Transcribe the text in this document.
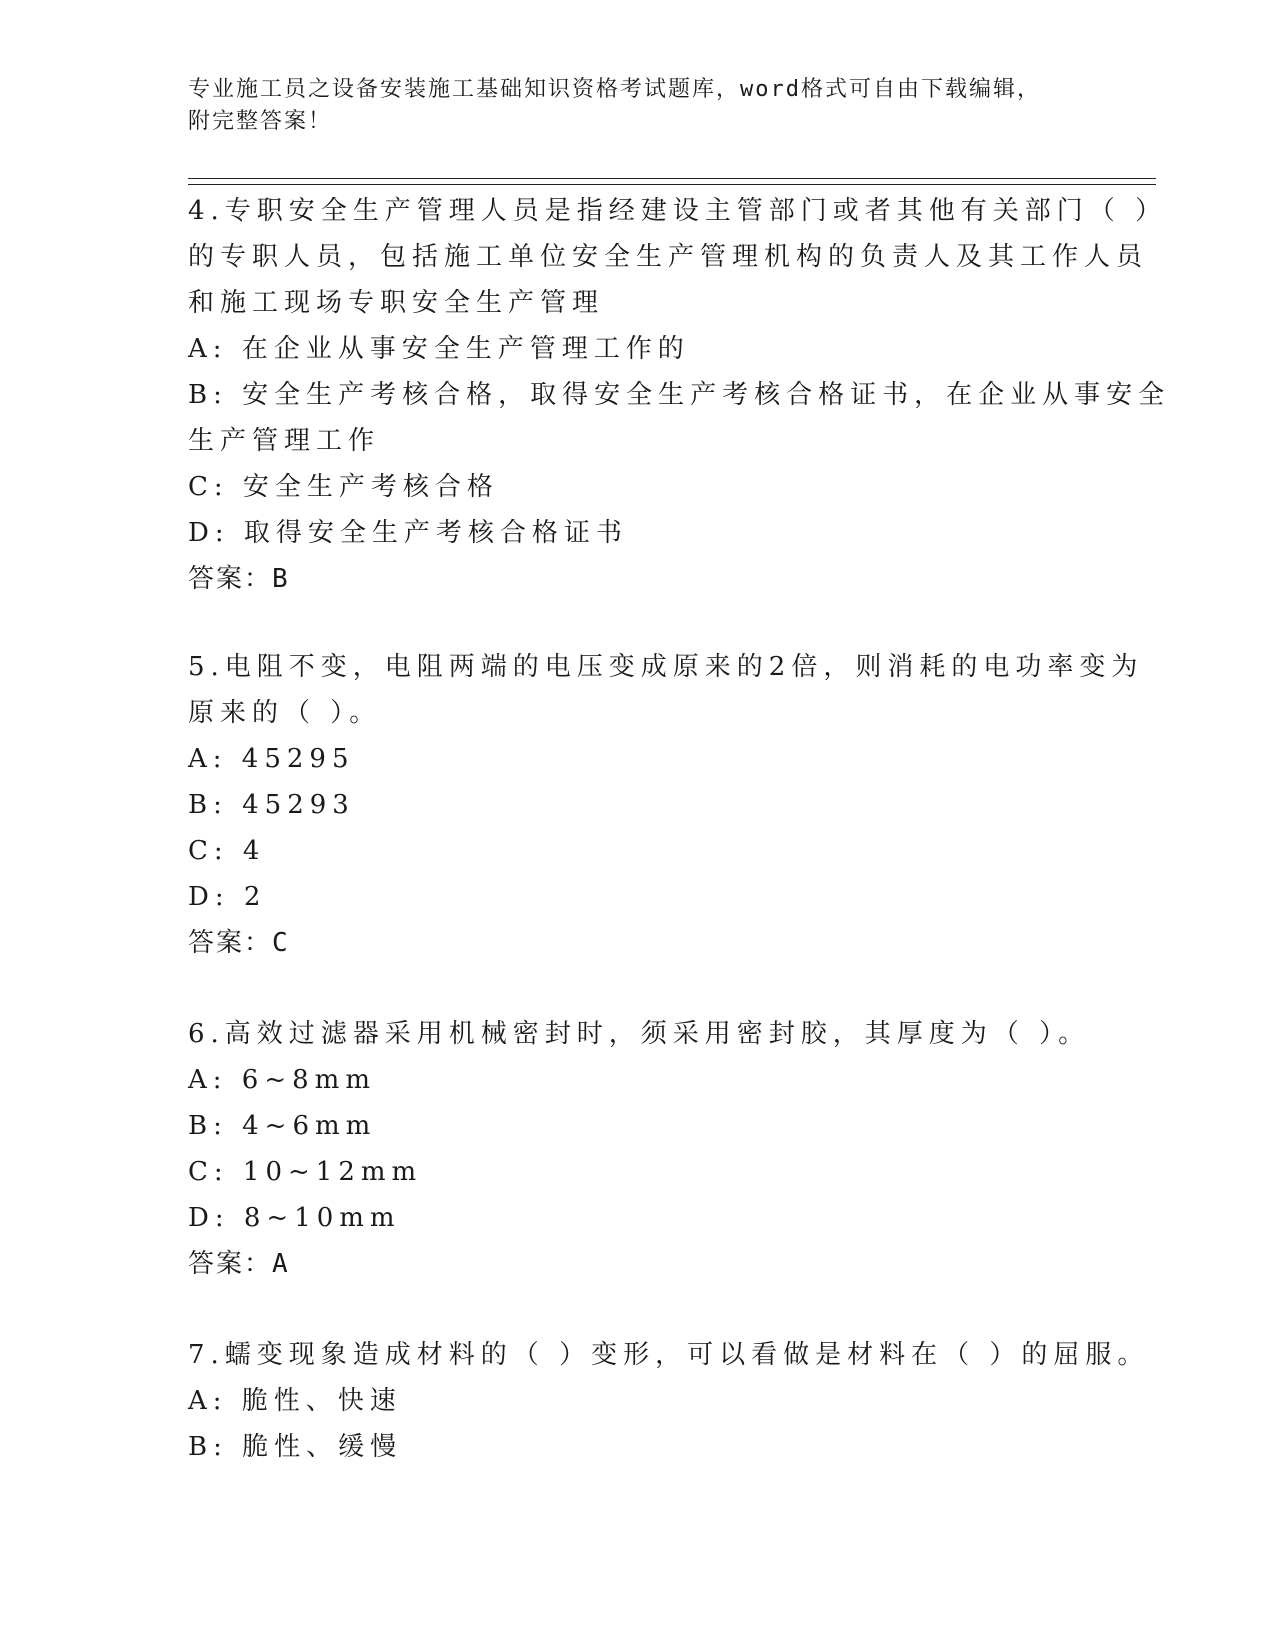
专业施工员之设备安装施工基础知识资格考试题库，word格式可自由下载编辑，
附完整答案！

4.专职安全生产管理人员是指经建设主管部门或者其他有关部门（ ）
的专职人员，包括施工单位安全生产管理机构的负责人及其工作人员
和施工现场专职安全生产管理
A: 在企业从事安全生产管理工作的
B: 安全生产考核合格，取得安全生产考核合格证书，在企业从事安全
生产管理工作
C: 安全生产考核合格
D: 取得安全生产考核合格证书
答案：B
5.电阻不变，电阻两端的电压变成原来的2倍，则消耗的电功率变为
原来的（ ）。
A: 45295
B: 45293
C: 4
D: 2
答案：C
6.高效过滤器采用机械密封时，须采用密封胶，其厚度为（ ）。
A: 6~8mm
B: 4~6mm
C: 10~12mm
D: 8~10mm
答案：A
7.蠕变现象造成材料的（ ）变形，可以看做是材料在（ ）的屈服。
A: 脆性、快速
B: 脆性、缓慢
